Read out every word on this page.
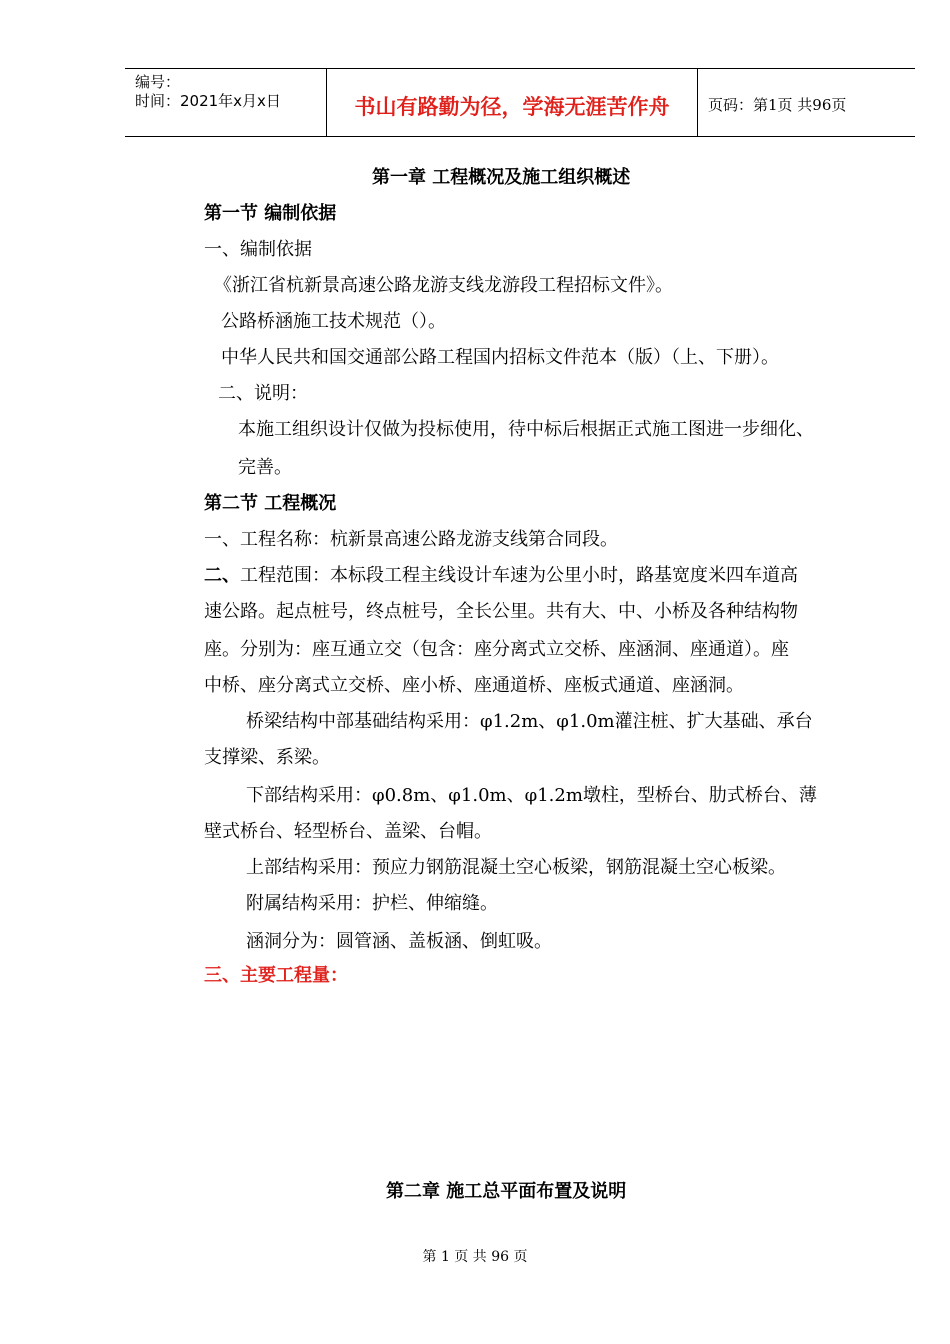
编号：
时间：2021年x月x日	书山有路勤为径，学海无涯苦作舟	页码：第1页 共96页
第一章 工程概况及施工组织概述
第一节 编制依据
一、编制依据
《浙江省杭新景高速公路龙游支线龙游段工程招标文件》。
公路桥涵施工技术规范（）。
中华人民共和国交通部公路工程国内招标文件范本（版）（上、下册）。
二、说明：
本施工组织设计仅做为投标使用，待中标后根据正式施工图进一步细化、
完善。
第二节 工程概况
一、工程名称：杭新景高速公路龙游支线第合同段。
二、工程范围：本标段工程主线设计车速为公里小时，路基宽度米四车道高
速公路。起点桩号，终点桩号，全长公里。共有大、中、小桥及各种结构物
座。分别为：座互通立交（包含：座分离式立交桥、座涵洞、座通道）。座
中桥、座分离式立交桥、座小桥、座通道桥、座板式通道、座涵洞。
桥梁结构中部基础结构采用：φ1.2m、φ1.0m灌注桩、扩大基础、承台
支撑梁、系梁。
下部结构采用：φ0.8m、φ1.0m、φ1.2m墩柱，型桥台、肋式桥台、薄
壁式桥台、轻型桥台、盖梁、台帽。
上部结构采用：预应力钢筋混凝土空心板梁，钢筋混凝土空心板梁。
附属结构采用：护栏、伸缩缝。
涵洞分为：圆管涵、盖板涵、倒虹吸。
三、主要工程量：
第二章 施工总平面布置及说明
第 1 页 共 96 页
